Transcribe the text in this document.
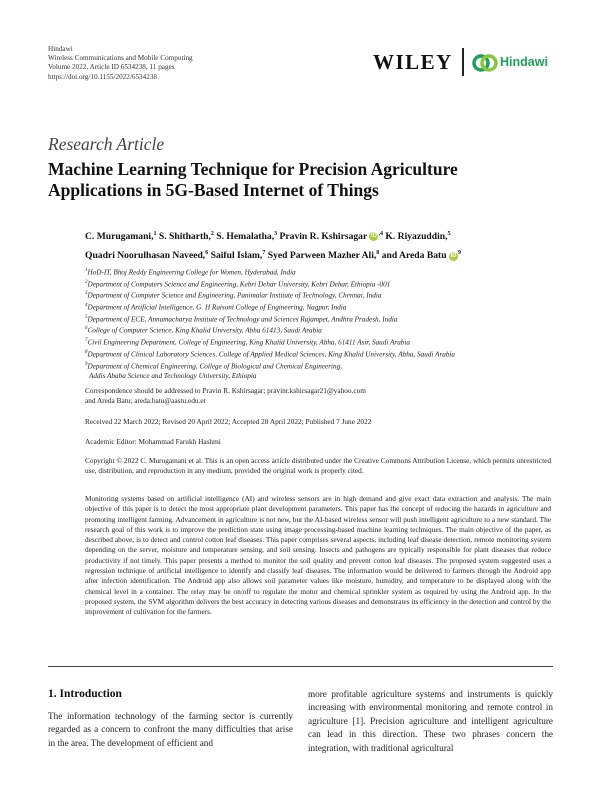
Hindawi
Wireless Communications and Mobile Computing
Volume 2022, Article ID 6534238, 11 pages
https://doi.org/10.1155/2022/6534238
WILEY	Hindawi
Research Article
Machine Learning Technique for Precision Agriculture Applications in 5G-Based Internet of Things
C. Murugamani,$^1$ S. Shitharth,$^2$ S. Hemalatha,$^3$ Pravin R. Kshirsagar iD $^{,4}$ K. Riyazuddin,$^5$
Quadri Noorulhasan Naveed,$^6$ Saiful Islam,$^7$ Syed Parween Mazher Ali,$^8$ and Areda Batu iD $^9$
$^1$HoD-IT, Bhoj Reddy Engineering College for Women, Hyderabad, India
$^2$Department of Computers Science and Engineering, Kebri Dehar University, Kebri Dehar, Ethiopia -001
$^3$Department of Computer Science and Engineering, Panimalar Institute of Technology, Chennai, India
$^4$Department of Artificial Intelligence, G. H Raisoni College of Engineering, Nagpur, India
$^5$Department of ECE, Annamacharya Institute of Technology and Sciences Rajampet, Andhra Pradesh, India
$^6$College of Computer Science, King Khalid University, Abha 61413, Saudi Arabia
$^7$Civil Engineering Department, College of Engineering, King Khalid University, Abha, 61411 Asir, Saudi Arabia
$^8$Department of Clinical Laboratory Sciences, College of Applied Medical Sciences, King Khalid University, Abha, Saudi Arabia
$^9$Department of Chemical Engineering, College of Biological and Chemical Engineering,
Addis Ababa Science and Technology University, Ethiopia
Correspondence should be addressed to Pravin R. Kshirsagar; pravinr.kshirsagar21@yahoo.com
and Areda Batu; areda.batu@aastu.edu.et
Received 22 March 2022; Revised 20 April 2022; Accepted 28 April 2022; Published 7 June 2022
Academic Editor: Mohammad Farukh Hashmi
Copyright © 2022 C. Murugamani et al. This is an open access article distributed under the Creative Commons Attribution License, which permits unrestricted use, distribution, and reproduction in any medium, provided the original work is properly cited.
Monitoring systems based on artificial intelligence (AI) and wireless sensors are in high demand and give exact data extraction and analysis. The main objective of this paper is to detect the most appropriate plant development parameters. This paper has the concept of reducing the hazards in agriculture and promoting intelligent farming. Advancement in agriculture is not new, but the AI-based wireless sensor will push intelligent agriculture to a new standard. The research goal of this work is to improve the prediction state using image processing-based machine learning techniques. The main objective of the paper, as described above, is to detect and control cotton leaf diseases. This paper comprises several aspects, including leaf disease detection, remote monitoring system depending on the server, moisture and temperature sensing, and soil sensing. Insects and pathogens are typically responsible for plant diseases that reduce productivity if not timely. This paper presents a method to monitor the soil quality and prevent cotton leaf diseases. The proposed system suggested uses a regression technique of artificial intelligence to identify and classify leaf diseases. The information would be delivered to farmers through the Android app after infection identification. The Android app also allows soil parameter values like moisture, humidity, and temperature to be displayed along with the chemical level in a container. The relay may be on/off to regulate the motor and chemical sprinkler system as required by using the Android app. In the proposed system, the SVM algorithm delivers the best accuracy in detecting various diseases and demonstrates its efficiency in the detection and control by the improvement of cultivation for the farmers.
1. Introduction
The information technology of the farming sector is currently regarded as a concern to confront the many difficulties that arise in the area. The development of efficient and
more profitable agriculture systems and instruments is quickly increasing with environmental monitoring and remote control in agriculture [1]. Precision agriculture and intelligent agriculture can lead in this direction. These two phrases concern the integration, with traditional agricultural
